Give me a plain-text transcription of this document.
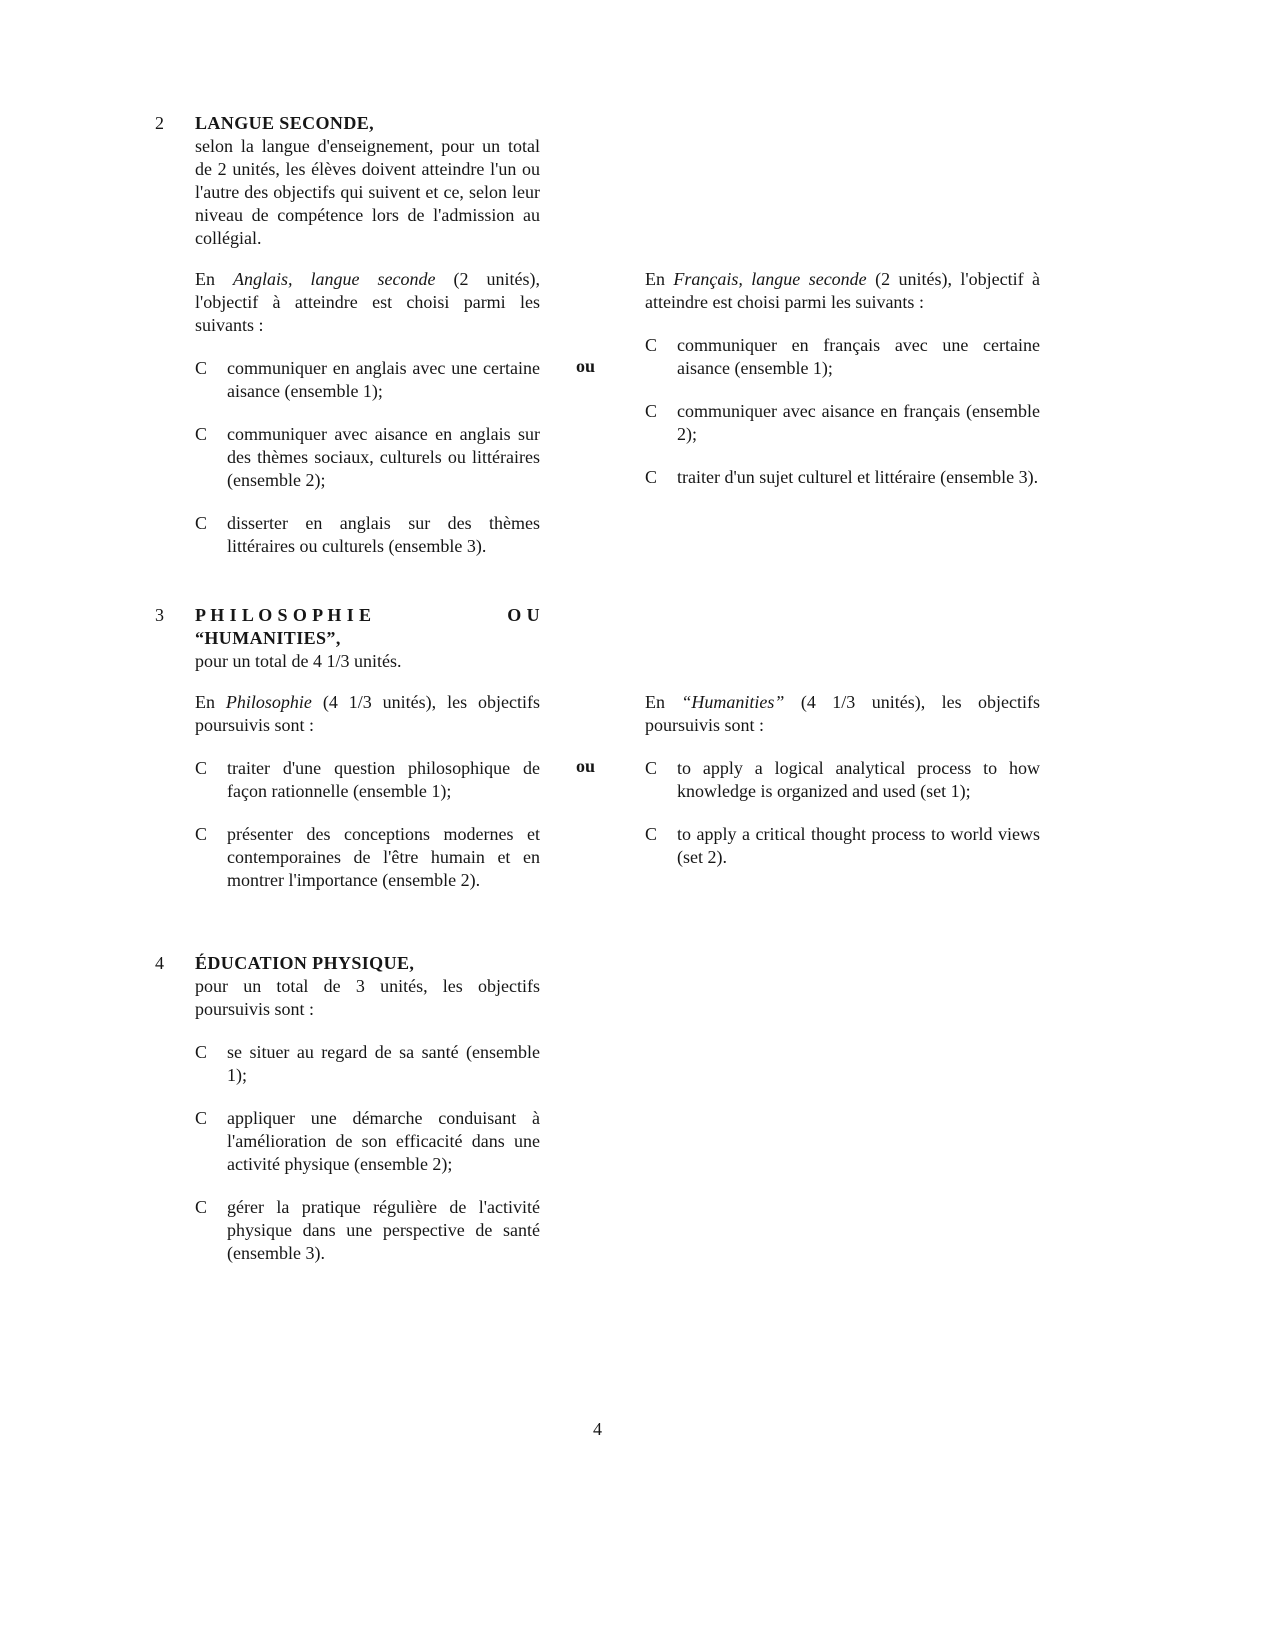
2	LANGUE SECONDE,

selon la langue d'enseignement, pour un total de 2 unités, les élèves doivent atteindre l'un ou l'autre des objectifs qui suivent et ce, selon leur niveau de compétence lors de l'admission au collégial.

En Anglais, langue seconde (2 unités), l'objectif à atteindre est choisi parmi les suivants :

C	communiquer en anglais avec une certaine aisance (ensemble 1);
C	communiquer avec aisance en anglais sur des thèmes sociaux, culturels ou littéraires (ensemble 2);
C	disserter en anglais sur des thèmes littéraires ou culturels (ensemble 3).
ou

En Français, langue seconde (2 unités), l'objectif à atteindre est choisi parmi les suivants :

C	communiquer en français avec une certaine aisance (ensemble 1);
C	communiquer avec aisance en français (ensemble 2);
C	traiter d'un sujet culturel et littéraire (ensemble 3).
3	P H I L O S O P H I E	O U
“HUMANITIES”,

pour un total de 4 1/3 unités.

En Philosophie (4 1/3 unités), les objectifs poursuivis sont :

C	traiter d'une question philosophique de façon rationnelle (ensemble 1);
C	présenter des conceptions modernes et contemporaines de l'être humain et en montrer l'importance (ensemble 2).
ou

En “Humanities” (4 1/3 unités), les objectifs poursuivis sont :

C	to apply a logical analytical process to how knowledge is organized and used (set 1);
C	to apply a critical thought process to world views (set 2).
4	ÉDUCATION PHYSIQUE,

pour un total de 3 unités, les objectifs poursuivis sont :

C	se situer au regard de sa santé (ensemble 1);
C	appliquer une démarche conduisant à l'amélioration de son efficacité dans une activité physique (ensemble 2);
C	gérer la pratique régulière de l'activité physique dans une perspective de santé (ensemble 3).
4
